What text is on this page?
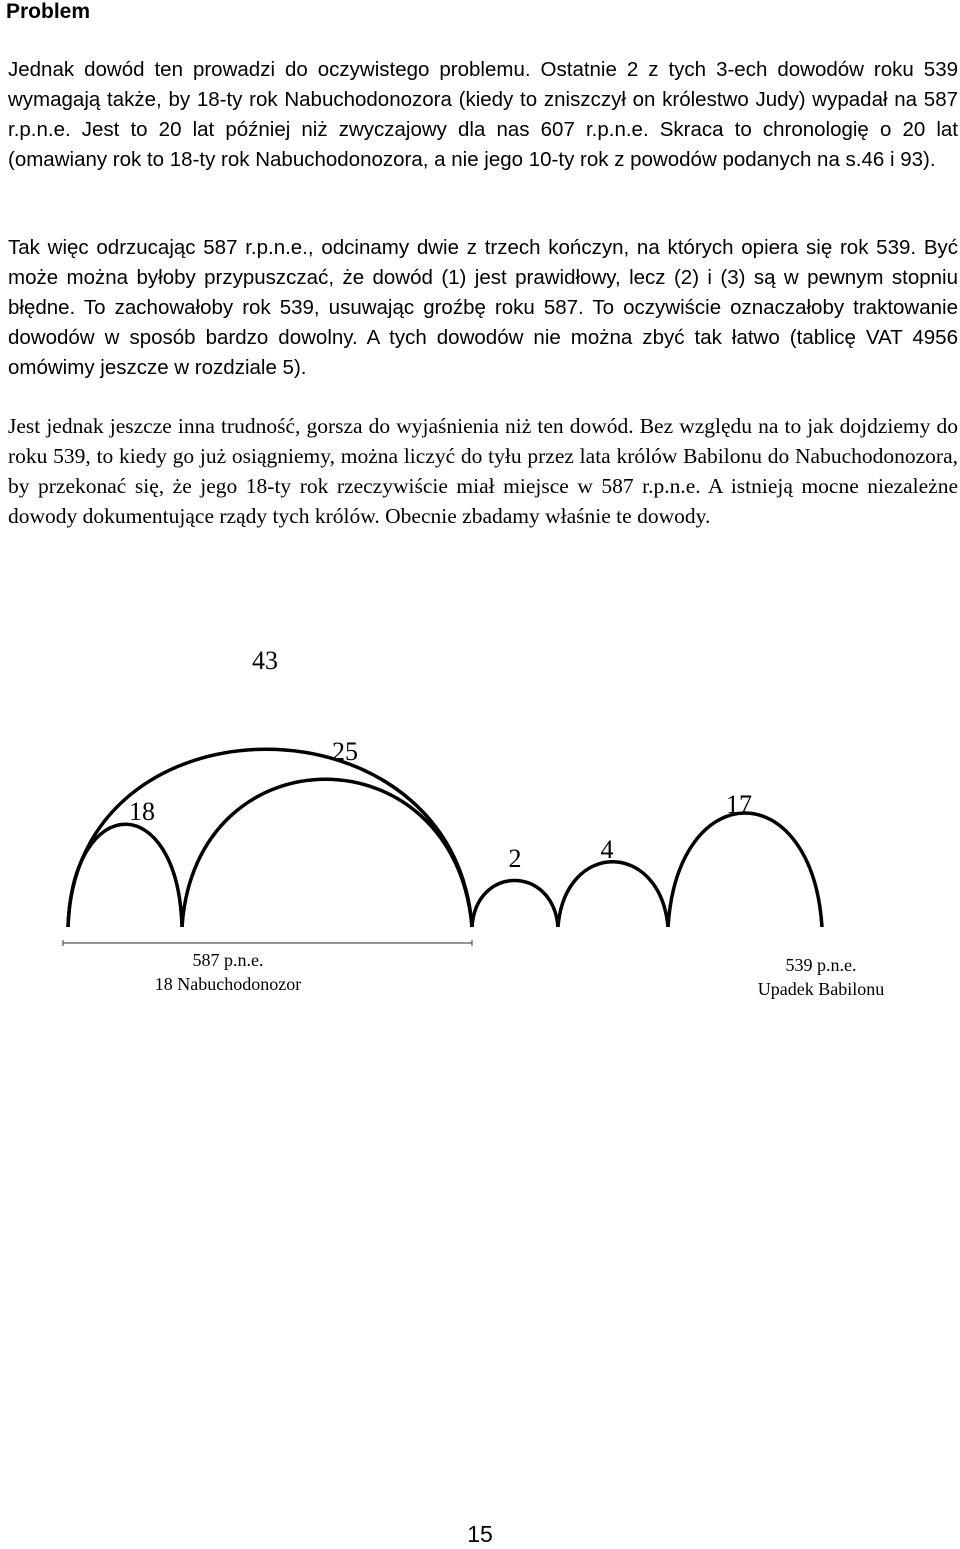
Problem

Jednak dowód ten prowadzi do oczywistego problemu. Ostatnie 2 z tych 3-ech dowodów roku 539 wymagają także, by 18-ty rok Nabuchodonozora (kiedy to zniszczył on królestwo Judy) wypadał na 587 r.p.n.e. Jest to 20 lat później niż zwyczajowy dla nas 607 r.p.n.e. Skraca to chronologię o 20 lat (omawiany rok to 18-ty rok Nabuchodonozora, a nie jego 10-ty rok z powodów podanych na s.46 i 93).

Tak więc odrzucając 587 r.p.n.e., odcinamy dwie z trzech kończyn, na których opiera się rok 539. Być może można byłoby przypuszczać, że dowód (1) jest prawidłowy, lecz (2) i (3) są w pewnym stopniu błędne. To zachowałoby rok 539, usuwając groźbę roku 587. To oczywiście oznaczałoby traktowanie dowodów w sposób bardzo dowolny. A tych dowodów nie można zbyć tak łatwo (tablicę VAT 4956 omówimy jeszcze w rozdziale 5).

Jest jednak jeszcze inna trudność, gorsza do wyjaśnienia niż ten dowód. Bez względu na to jak dojdziemy do roku 539, to kiedy go już osiągniemy, można liczyć do tyłu przez lata królów Babilonu do Nabuchodonozora, by przekonać się, że jego 18-ty rok rzeczywiście miał miejsce w 587 r.p.n.e. A istnieją mocne niezależne dowody dokumentujące rządy tych królów. Obecnie zbadamy właśnie te dowody.

43
25
18
2	4
17
587 p.n.e.
18 Nabuchodonozor
539 p.n.e.
Upadek Babilonu
15
